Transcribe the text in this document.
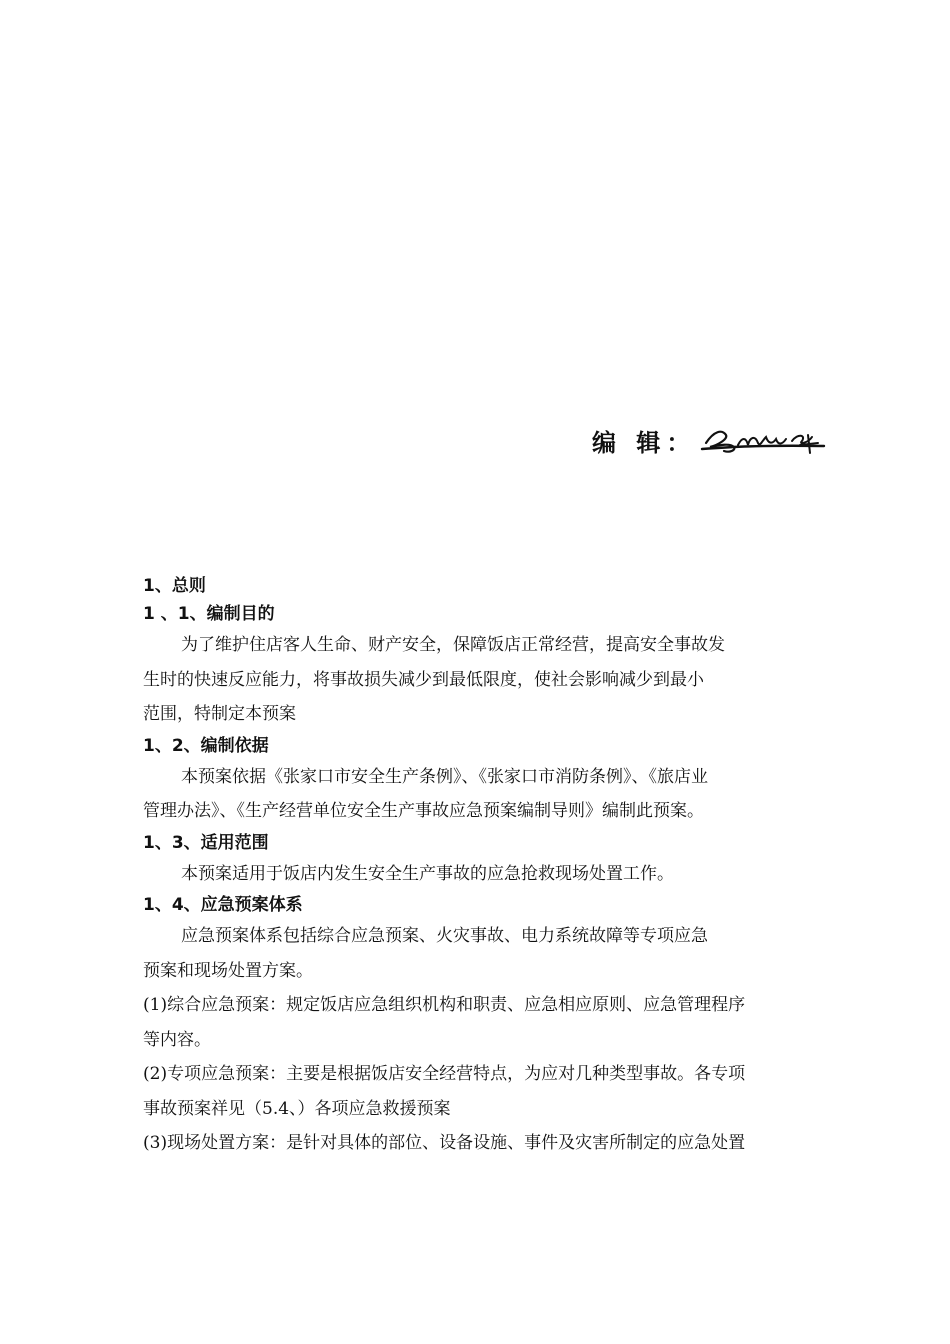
编 辑：

1、总则

1 、1、编制目的

为了维护住店客人生命、财产安全，保障饭店正常经营，提高安全事故发

生时的快速反应能力，将事故损失减少到最低限度，使社会影响减少到最小

范围，特制定本预案

1、2、编制依据

本预案依据《张家口市安全生产条例》、《张家口市消防条例》、《旅店业

管理办法》、《生产经营单位安全生产事故应急预案编制导则》编制此预案。

1、3、适用范围

本预案适用于饭店内发生安全生产事故的应急抢救现场处置工作。

1、4、应急预案体系

应急预案体系包括综合应急预案、火灾事故、电力系统故障等专项应急

预案和现场处置方案。

(1)综合应急预案：规定饭店应急组织机构和职责、应急相应原则、应急管理程序

等内容。

(2)专项应急预案：主要是根据饭店安全经营特点，为应对几种类型事故。各专项

事故预案祥见（5.4、）各项应急救援预案

(3)现场处置方案：是针对具体的部位、设备设施、事件及灾害所制定的应急处置
